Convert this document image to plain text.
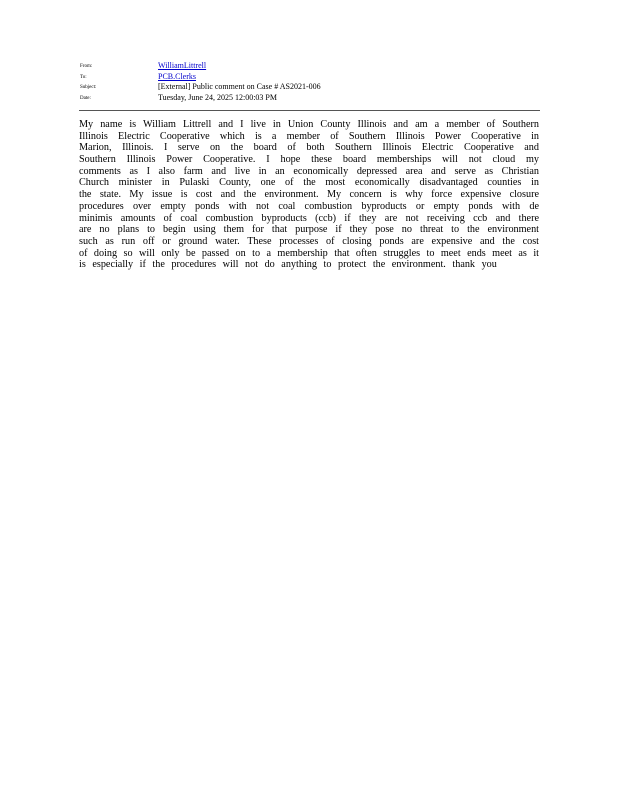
From:	WilliamLittrell
To:	PCB.Clerks
Subject:	[External] Public comment on Case # AS2021-006
Date:	Tuesday, June 24, 2025 12:00:03 PM
My name is William Littrell and I live in Union County Illinois and am a member of Southern
Illinois Electric Cooperative which is a member of Southern Illinois Power Cooperative in
Marion, Illinois. I serve on the board of both Southern Illinois Electric Cooperative and
Southern Illinois Power Cooperative. I hope these board memberships will not cloud my
comments as I also farm and live in an economically depressed area and serve as Christian
Church minister in Pulaski County, one of the most economically disadvantaged counties in
the state. My issue is cost and the environment. My concern is why force expensive closure
procedures over empty ponds with not coal combustion byproducts or empty ponds with de
minimis amounts of coal combustion byproducts (ccb) if they are not receiving ccb and there
are no plans to begin using them for that purpose if they pose no threat to the environment
such as run off or ground water. These processes of closing ponds are expensive and the cost
of doing so will only be passed on to a membership that often struggles to meet ends meet as it
is especially if the procedures will not do anything to protect the environment. thank you
